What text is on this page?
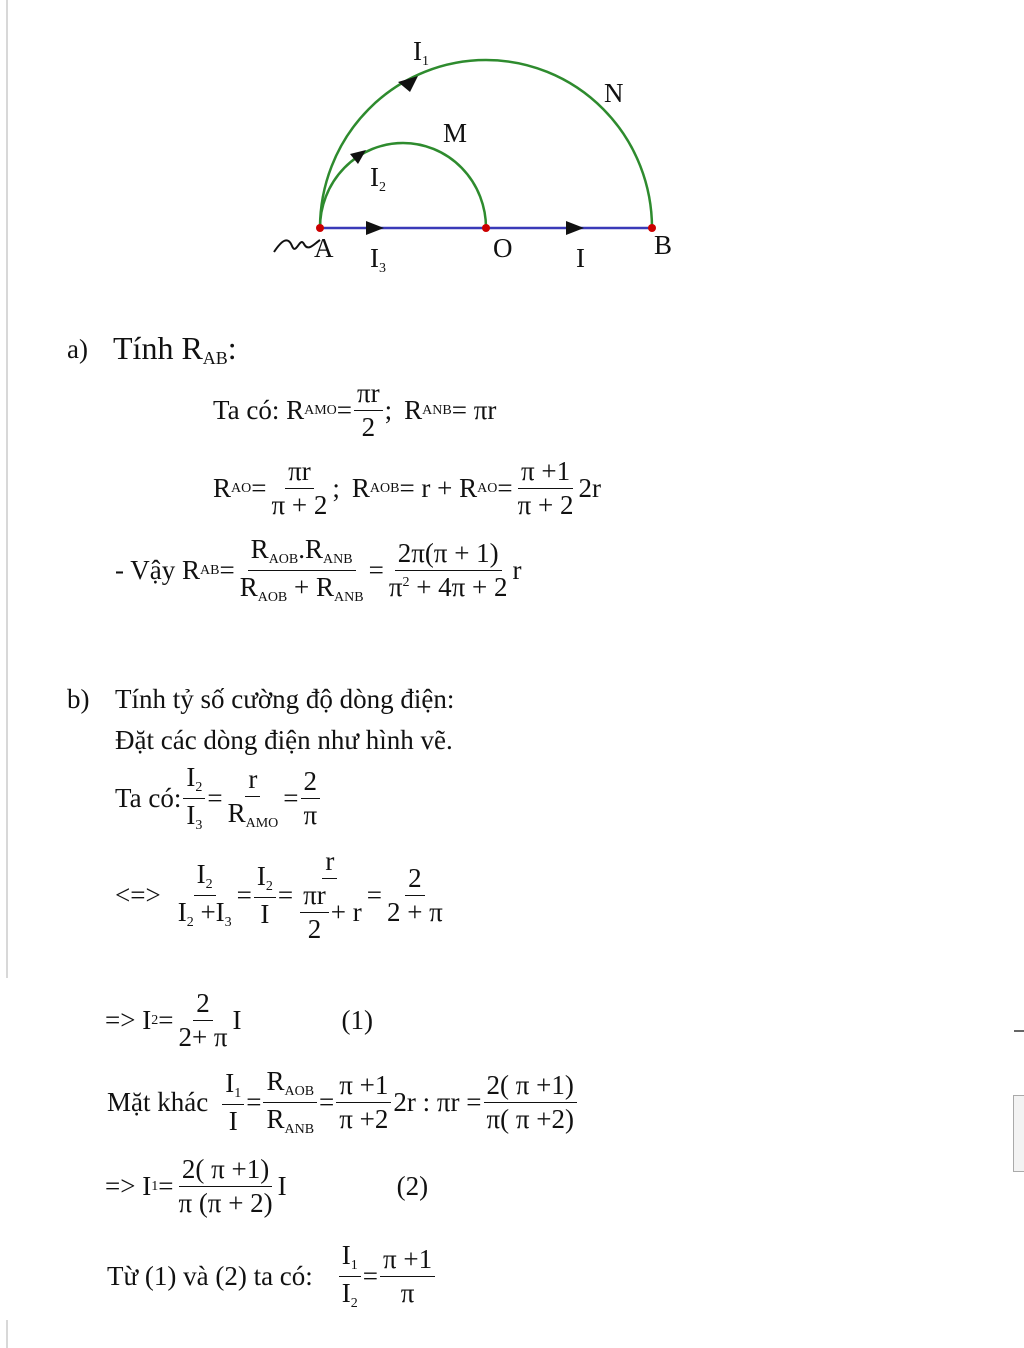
$I_1$
N
M
$I_2$
A $I_3$
O I	B
a) Tính $R_{AB}$:
Ta có: R AMO = $\frac{\pi r}{2}$ ; R ANB = πr
R AO = $\frac{\pi r}{\pi + 2}$ ; R AOB = r + R AO = $\frac{\pi +1}{\pi + 2} 2r$
- Vậy R AB = $\frac{R_{AOB}.R_{ANB}}{R_{AOB} + R_{ANB}} = \frac{2\pi(\pi + 1)}{\pi^2 + 4\pi + 2}$ r
b) Tính tỷ số cường độ dòng điện:
Đặt các dòng điện như hình vẽ.
Ta có: $\frac{I_2}{I_3} = \frac{r}{R_{AMO}} = \frac{2}{\pi}$
<=> $\frac{I_2}{I_2 +I_3} = \frac{I_2}{I} = \frac{r}{\frac{\pi r}{2} + r} = \frac{2}{2 + \pi}$
=> I $2 = \frac{2}{2+ \pi}$ I	(1)
Mặt khác $\frac{I_1}{I} = \frac{R_{AOB}}{R_{ANB}} = \frac{\pi +1}{\pi +2} 2r$ : $\pi r = \frac{2( \pi +1)}{\pi( \pi +2)}$
=> I $1 = \frac{2( \pi +1)}{\pi (\pi + 2)}$ I	(2)
Từ (1) và (2) ta có: $\frac{I_1}{I_2} = \frac{\pi +1}{\pi}$
